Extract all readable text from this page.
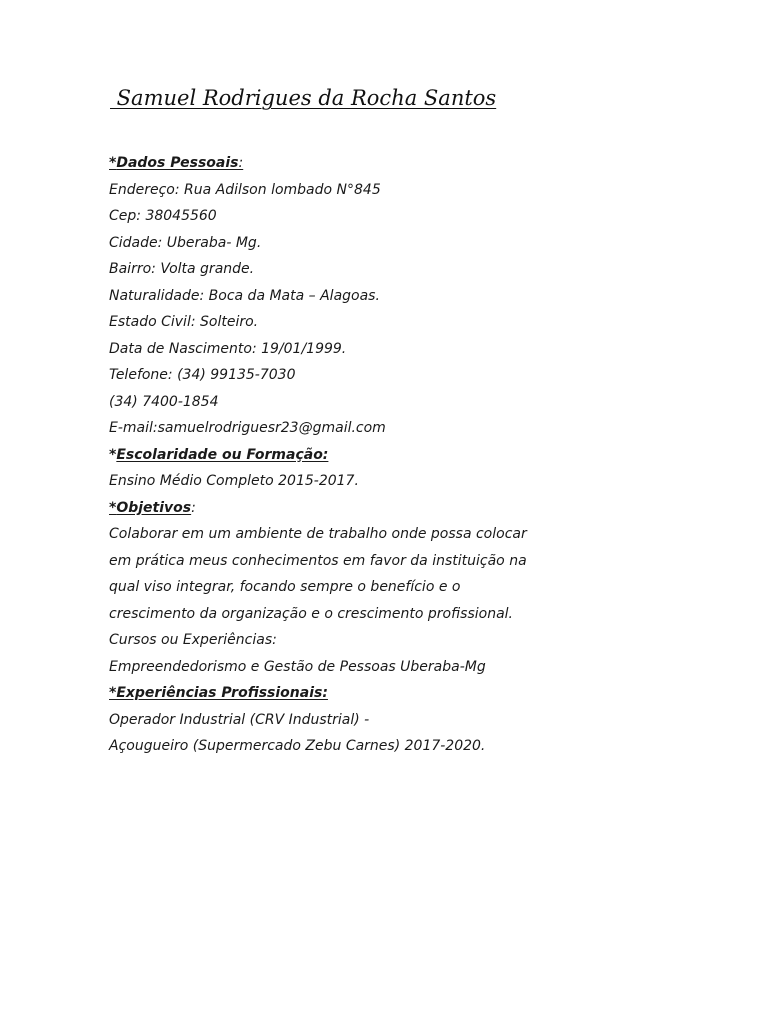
Samuel Rodrigues da Rocha Santos
*Dados Pessoais:
Endereço: Rua Adilson lombado N°845
Cep: 38045560
Cidade: Uberaba- Mg.
Bairro: Volta grande.
Naturalidade: Boca da Mata – Alagoas.
Estado Civil: Solteiro.
Data de Nascimento: 19/01/1999.
Telefone: (34) 99135-7030
(34) 7400-1854
E-mail:samuelrodriguesr23@gmail.com
*Escolaridade ou Formação:
Ensino Médio Completo 2015-2017.
*Objetivos:
Colaborar em um ambiente de trabalho onde possa colocar
em prática meus conhecimentos em favor da instituição na
qual viso integrar, focando sempre o benefício e o
crescimento da organização e o crescimento profissional.
Cursos ou Experiências:
Empreendedorismo e Gestão de Pessoas Uberaba-Mg
*Experiências Profissionais:
Operador Industrial (CRV Industrial) -
Açougueiro (Supermercado Zebu Carnes) 2017-2020.
